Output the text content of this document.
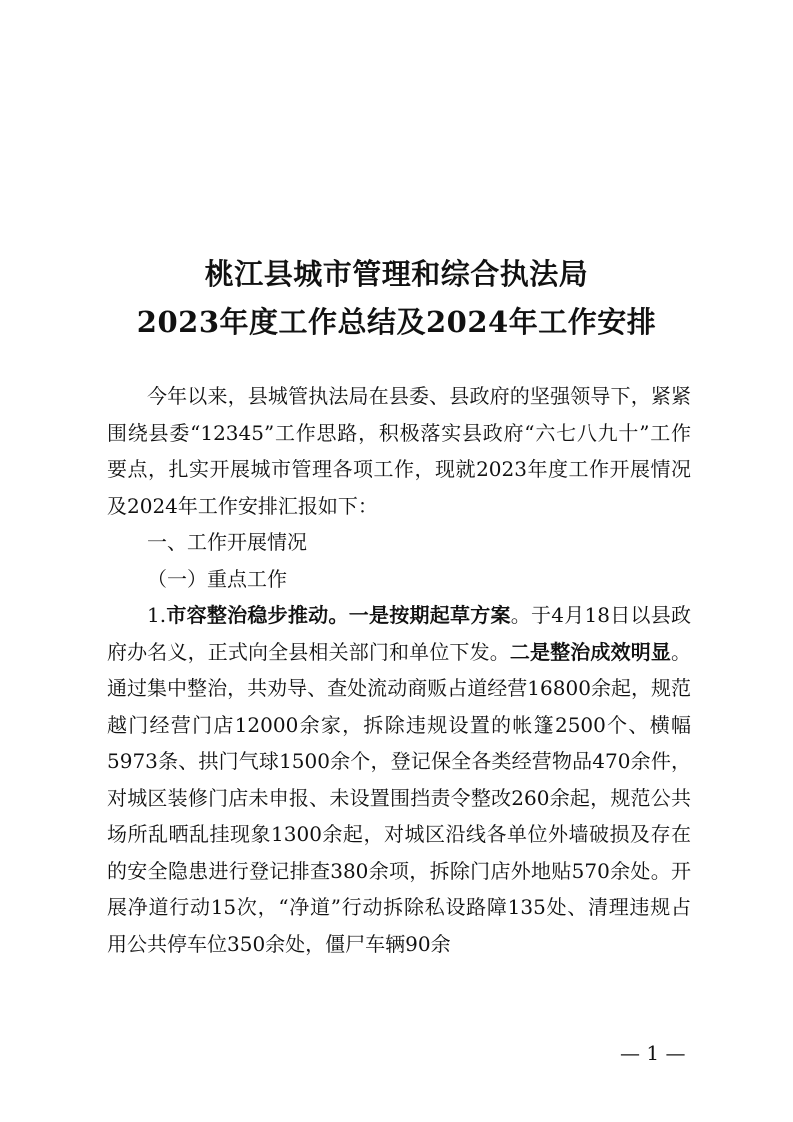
桃江县城市管理和综合执法局
2023年度工作总结及2024年工作安排

今年以来，县城管执法局在县委、县政府的坚强领导下，紧紧围绕县委“12345”工作思路，积极落实县政府“六七八九十”工作要点，扎实开展城市管理各项工作，现就2023年度工作开展情况及2024年工作安排汇报如下：

一、工作开展情况

（一）重点工作

1.市容整治稳步推动。一是按期起草方案。于4月18日以县政府办名义，正式向全县相关部门和单位下发。二是整治成效明显。通过集中整治，共劝导、查处流动商贩占道经营16800余起，规范越门经营门店12000余家，拆除违规设置的帐篷2500个、横幅5973条、拱门气球1500余个，登记保全各类经营物品470余件，对城区装修门店未申报、未设置围挡责令整改260余起，规范公共场所乱晒乱挂现象1300余起，对城区沿线各单位外墙破损及存在的安全隐患进行登记排查380余项，拆除门店外地贴570余处。开展净道行动15次，“净道”行动拆除私设路障135处、清理违规占用公共停车位350余处，僵尸车辆90余

— 1 —
